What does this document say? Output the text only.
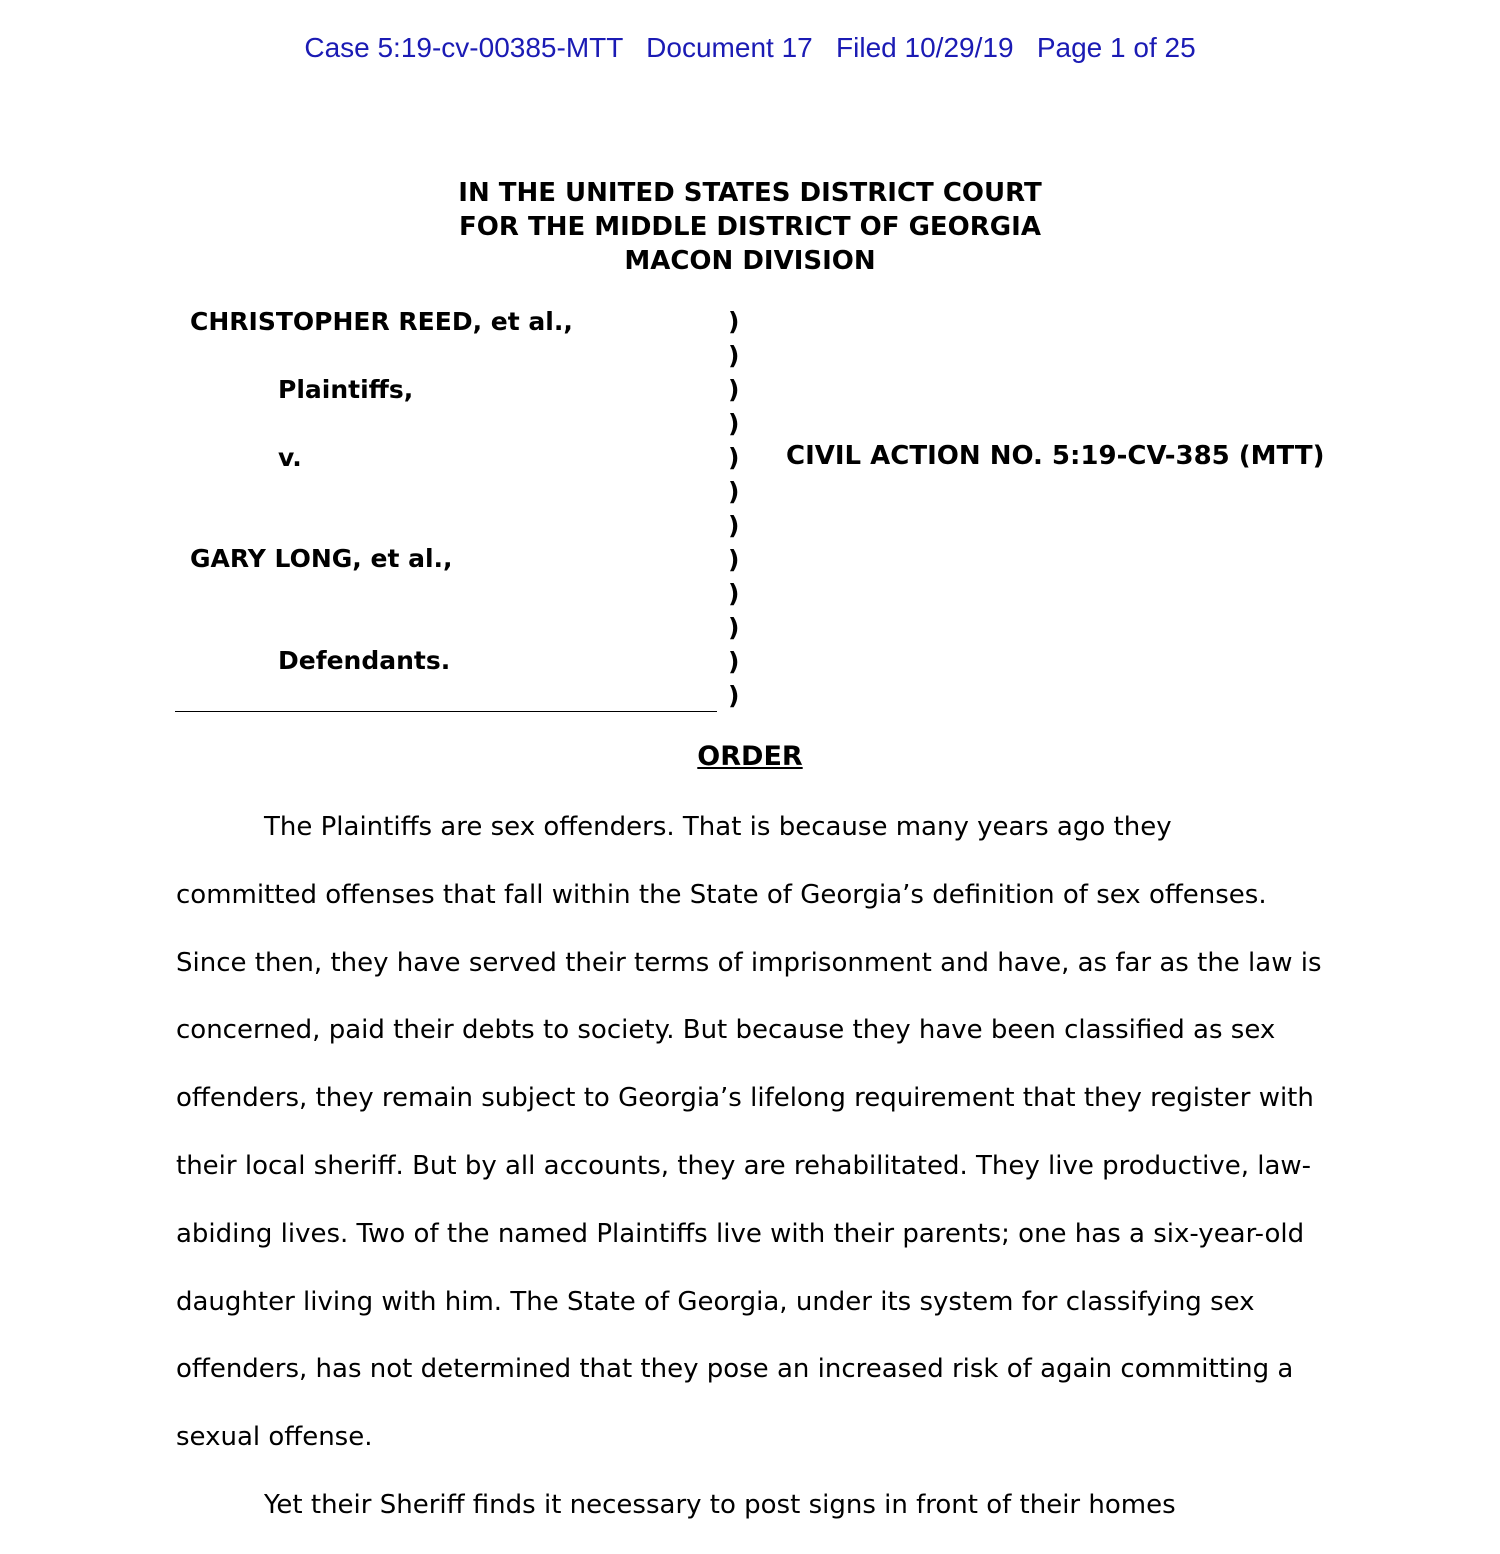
Case 5:19-cv-00385-MTT   Document 17   Filed 10/29/19   Page 1 of 25
IN THE UNITED STATES DISTRICT COURT
FOR THE MIDDLE DISTRICT OF GEORGIA
MACON DIVISION
CHRISTOPHER REED, et al.,
Plaintiffs,
v.
GARY LONG, et al.,
Defendants.
)
)
)
)
)
)
)
)
)
)
)
)
CIVIL ACTION NO. 5:19-CV-385 (MTT)
ORDER
The Plaintiffs are sex offenders. That is because many years ago they
committed offenses that fall within the State of Georgia’s definition of sex offenses.
Since then, they have served their terms of imprisonment and have, as far as the law is
concerned, paid their debts to society. But because they have been classified as sex
offenders, they remain subject to Georgia’s lifelong requirement that they register with
their local sheriff. But by all accounts, they are rehabilitated. They live productive, law-
abiding lives. Two of the named Plaintiffs live with their parents; one has a six-year-old
daughter living with him. The State of Georgia, under its system for classifying sex
offenders, has not determined that they pose an increased risk of again committing a
sexual offense.
Yet their Sheriff finds it necessary to post signs in front of their homes
